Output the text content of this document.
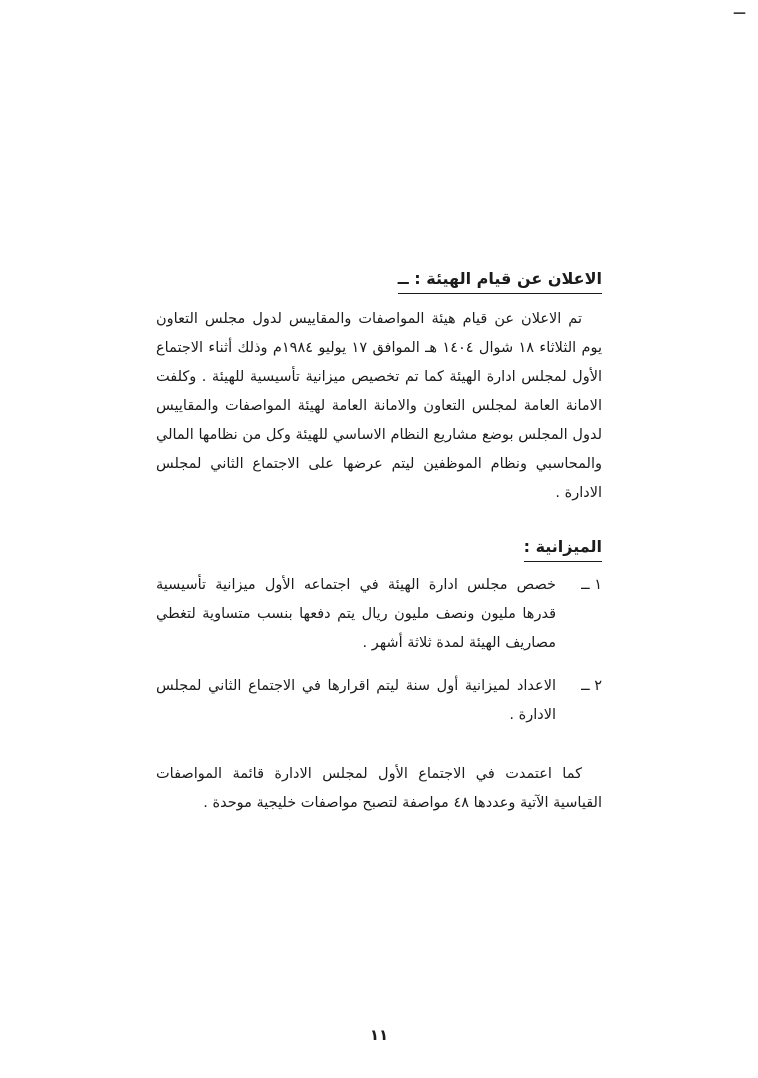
—
الاعلان عن قيام الهيئة : ــ

تم الاعلان عن قيام هيئة المواصفات والمقاييس لدول مجلس التعاون يوم الثلاثاء ١٨ شوال ١٤٠٤ هـ الموافق ١٧ يوليو ١٩٨٤م وذلك أثناء الاجتماع الأول لمجلس ادارة الهيئة كما تم تخصيص ميزانية تأسيسية للهيئة . وكلفت الامانة العامة لمجلس التعاون والامانة العامة لهيئة المواصفات والمقاييس لدول المجلس بوضع مشاريع النظام الاساسي للهيئة وكل من نظامها المالي والمحاسبي ونظام الموظفين ليتم عرضها على الاجتماع الثاني لمجلس الادارة .

الميزانية :
١ ــ
خصص مجلس ادارة الهيئة في اجتماعه الأول ميزانية تأسيسية قدرها مليون ونصف مليون ريال يتم دفعها بنسب متساوية لتغطي مصاريف الهيئة لمدة ثلاثة أشهر .
٢ ــ
الاعداد لميزانية أول سنة ليتم اقرارها في الاجتماع الثاني لمجلس الادارة .

كما اعتمدت في الاجتماع الأول لمجلس الادارة قائمة المواصفات القياسية الآتية وعددها ٤٨ مواصفة لتصبح مواصفات خليجية موحدة .

١١
